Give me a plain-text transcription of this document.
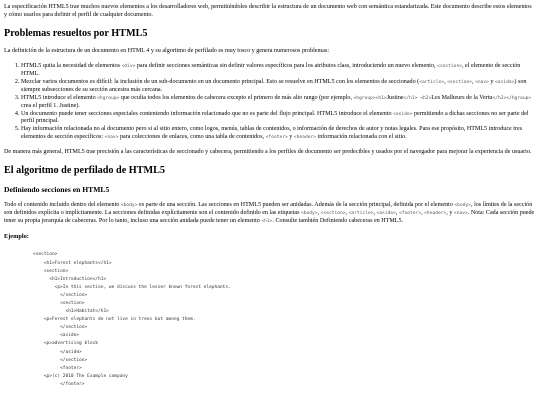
La especificación HTML5 trae muchos nuevos elementos a los desarrolladores web, permitiéndoles describir la estructura de un documento web con semántica estandarizada. Este documento describe estos elementos y cómo usarlos para definir el perfil de cualquier documento.

Problemas resueltos por HTML5

La definición de la estructura de un documento en HTML 4 y su algoritmo de perfilado es muy tosco y genera numerosos problemas:

1. HTML5 quita la necesidad de elementos <div> para definir secciones semánticas sin definir valores específicos para los atributos class, introduciendo un nuevo elemento, <section>, el elemento de sección HTML.
2. Mezclar varios documentos es difícil: la inclusión de un sub-documento en un documento principal. Esto se resuelve en HTML5 con los elementos de seccionado (<article>, <section>, <nav> y <aside>) son siempre subsecciones de su sección ancestra más cercana.
3. HTML5 introduce el elemento <hgroup> que oculta todos los elementos de cabecera excepto el primero de más alto rango (por ejemplo, <hgroup><h1>Justine</h1> <h2>Les Malheurs de la Vertu</h2></hgroup> crea el perfil 1. Justine).
4. Un documento puede tener secciones especiales conteniendo información relacionado que no es parte del flujo principal. HTML5 introduce el elemento <aside> permitiendo a dichas secciones no ser parte del perfil principal.
5. Hay información relacionada no al documento pero si al sitio entero, como logos, menús, tablas de contenidos, o información de derechos de autor y notas legales. Para ese propósito, HTML5 introduce tres elementos de sección específicos: <nav> para colecciones de enlaces, como una tabla de contenidos, <footer> y <header> información relacionada con el sitio.

De manera más general, HTML5 trae precisión a las características de seccionado y cabecera, permitiendo a los perfiles de documento ser predecibles y usados por el navegador para mejorar la experiencia de usuario.

El algoritmo de perfilado de HTML5
Definiendo secciones en HTML5

Todo el contenido incluido dentro del elemento <body> es parte de una sección. Las secciones en HTML5 pueden ser anidadas. Además de la sección principal, definida por el elemento <body>, los límites de la sección son definidos explícita o implícitamente. La secciones definidas explícitamente son el contenido definido en las etiquetas <body>, <section>, <article>, <aside>, <footer>, <header>, y <nav>. Nota: Cada sección puede tener su propia jerarquía de cabeceras. Por lo tanto, incluso una sección anidada puede tener un elemento <h1>. Consulte también Definiendo cabeceras en HTML5.

Ejemplo:
<section>
<h1>Forest elephants</h1>
<section>
<h1>Introduction</h1>
<p>In this section, we discuss the lesser known forest elephants.
</section>
<section>
<h1>Habitat</h1>
<p>Forest elephants do not live in trees but among them.
</section>
<aside>
<p>advertising block
</aside>
</section>
<footer>
<p>(c) 2010 The Example company
</footer>
